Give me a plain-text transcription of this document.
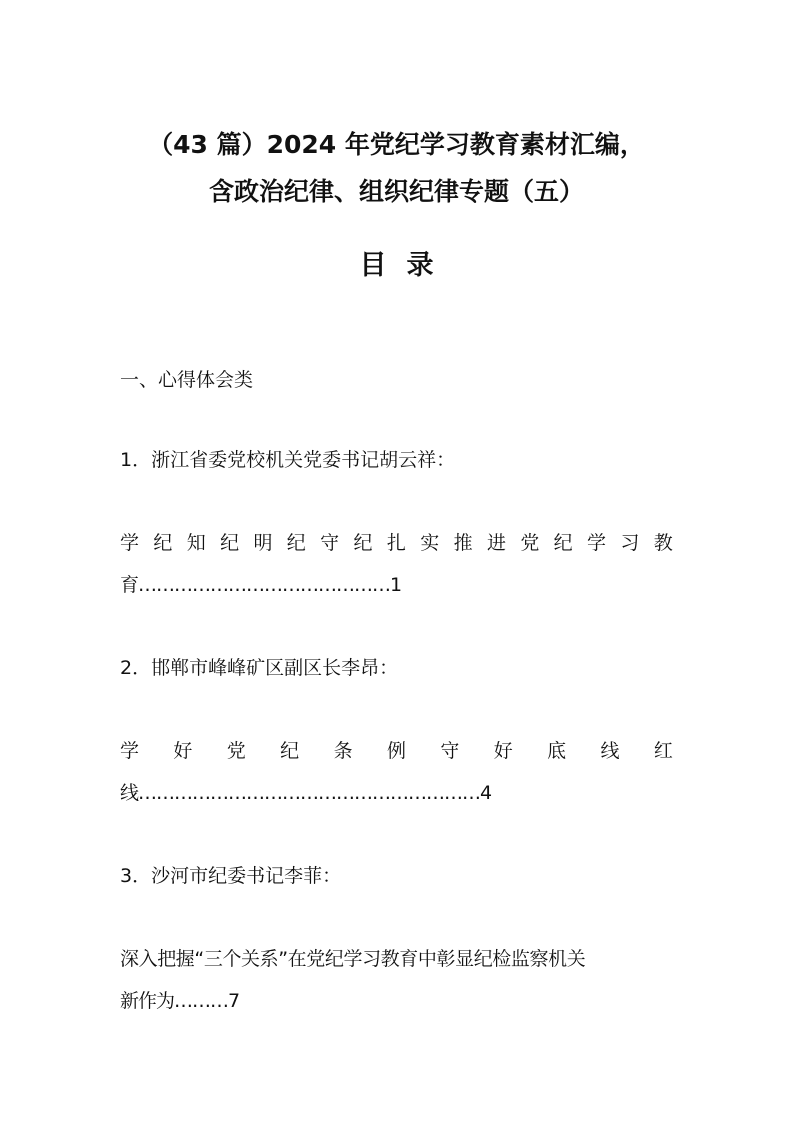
（43 篇）2024 年党纪学习教育素材汇编，
含政治纪律、组织纪律专题（五）
目录
一、心得体会类
1．浙江省委党校机关党委书记胡云祥：
学 纪 知 纪 明 纪 守 纪 扎 实 推 进 党 纪 学 习 教
育……………………………………1
2．邯郸市峰峰矿区副区长李昂：
学 好 党 纪 条 例 守 好 底 线 红
线…………………………………………………4
3．沙河市纪委书记李菲：
深入把握“三个关系”在党纪学习教育中彰显纪检监察机关
新作为………7
